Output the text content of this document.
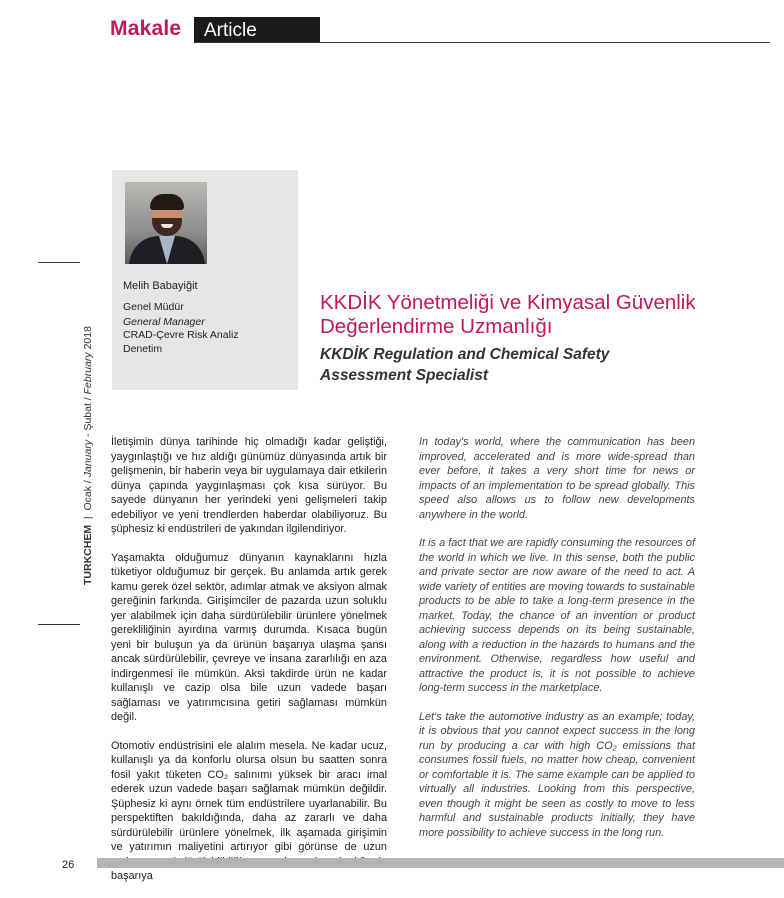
Makale	Article
TURKCHEM  |  Ocak / January - Şubat / February 2018
Melih Babayiğit
Genel Müdür
General Manager
CRAD-Çevre Risk Analiz
Denetim
KKDİK Yönetmeliği ve Kimyasal Güvenlik
Değerlendirme Uzmanlığı
KKDİK Regulation and Chemical Safety
Assessment Specialist

İletişimin dünya tarihinde hiç olmadığı kadar geliştiği, yaygınlaştığı ve hız aldığı günümüz dünyasında artık bir gelişmenin, bir haberin veya bir uygulamaya dair etkilerin dünya çapında yaygınlaşması çok kısa sürüyor. Bu sayede dünyanın her yerindeki yeni gelişmeleri takip edebiliyor ve yeni trendlerden haberdar olabiliyoruz. Bu şüphesiz ki endüstrileri de yakından ilgilendiriyor.

Yaşamakta olduğumuz dünyanın kaynaklarını hızla tüketiyor olduğumuz bir gerçek. Bu anlamda artık gerek kamu gerek özel sektör, adımlar atmak ve aksiyon almak gereğinin farkında. Girişimciler de pazarda uzun soluklu yer alabilmek için daha sürdürülebilir ürünlere yönelmek gerekliliğinin ayırdına varmış durumda. Kısaca bugün yeni bir buluşun ya da ürünün başarıya ulaşma şansı ancak sürdürülebilir, çevreye ve insana zararlılığı en aza indirgenmesi ile mümkün. Aksi takdirde ürün ne kadar kullanışlı ve cazip olsa bile uzun vadede başarı sağlaması ve yatırımcısına getiri sağlaması mümkün değil.

Otomotiv endüstrisini ele alalım mesela. Ne kadar ucuz, kullanışlı ya da konforlu olursa olsun bu saatten sonra fosil yakıt tüketen CO₂ salınımı yüksek bir aracı imal ederek uzun vadede başarı sağlamak mümkün değildir. Şüphesiz ki aynı örnek tüm endüstrilere uyarlanabilir. Bu perspektiften bakıldığında, daha az zararlı ve daha sürdürülebilir ürünlere yönelmek, ilk aşamada girişimin ve yatırımın maliyetini artırıyor gibi görünse de uzun başarıya

In today's world, where the communication has been improved, accelerated and is more wide-spread than ever before, it takes a very short time for news or impacts of an implementation to be spread globally. This speed also allows us to follow new developments anywhere in the world.

It is a fact that we are rapidly consuming the resources of the world in which we live. In this sense, both the public and private sector are now aware of the need to act. A wide variety of entities are moving towards to sustainable products to be able to take a long-term presence in the market. Today, the chance of an invention or product achieving success depends on its being sustainable, along with a reduction in the hazards to humans and the environment. Otherwise, regardless how useful and attractive the product is, it is not possible to achieve long-term success in the marketplace.

Let's take the automotive industry as an example; today, it is obvious that you cannot expect success in the long run by producing a car with high CO₂ emissions that consumes fossil fuels, no matter how cheap, convenient or comfortable it is. The same example can be applied to virtually all industries. Looking from this perspective, even though it might be seen as costly to move to less harmful and sustainable products initially, they have more possibility to achieve success in the long run.

26
